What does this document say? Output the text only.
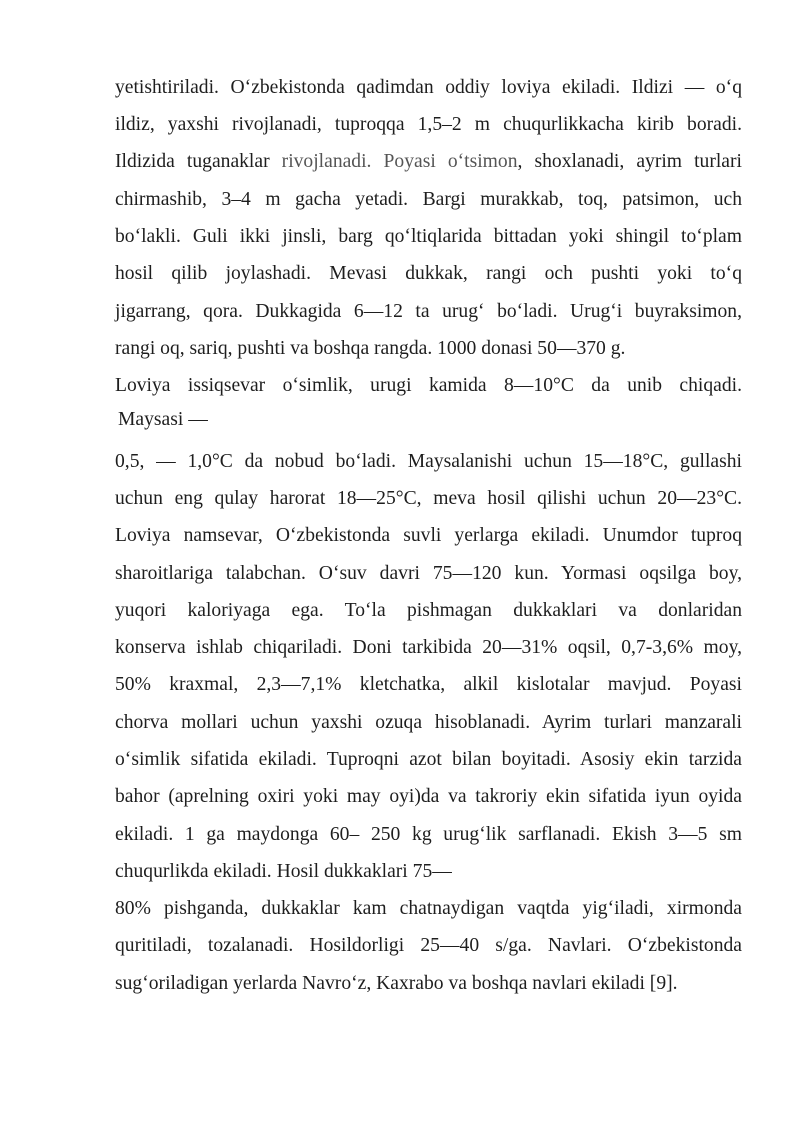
yetishtiriladi. O‘zbekistonda qadimdan oddiy loviya ekiladi. Ildizi — o‘q
ildiz, yaxshi rivojlanadi, tuproqqa 1,5–2 m chuqurlikkacha kirib boradi.
Ildizida tuganaklar rivojlanadi. Poyasi o‘tsimon, shoxlanadi, ayrim turlari
chirmashib, 3–4 m gacha yetadi. Bargi murakkab, toq, patsimon, uch
bo‘lakli. Guli ikki jinsli, barg qo‘ltiqlarida bittadan yoki shingil to‘plam
hosil qilib joylashadi. Mevasi dukkak, rangi och pushti yoki to‘q
jigarrang, qora. Dukkagida 6—12 ta urug‘ bo‘ladi. Urug‘i buyraksimon,
rangi oq, sariq, pushti va boshqa rangda. 1000 donasi 50—370 g.
Loviya issiqsevar o‘simlik, urugi kamida 8—10°C da unib chiqadi.
Maysasi —
0,5, — 1,0°C da nobud bo‘ladi. Maysalanishi uchun 15—18°C, gullashi
uchun eng qulay harorat 18—25°C, meva hosil qilishi uchun 20—23°C.
Loviya namsevar, O‘zbekistonda suvli yerlarga ekiladi. Unumdor tuproq
sharoitlariga talabchan. O‘suv davri 75—120 kun. Yormasi oqsilga boy,
yuqori kaloriyaga ega. To‘la pishmagan dukkaklari va donlaridan
konserva ishlab chiqariladi. Doni tarkibida 20—31% oqsil, 0,7-3,6% moy,
50% kraxmal, 2,3—7,1% kletchatka, alkil kislotalar mavjud. Poyasi
chorva mollari uchun yaxshi ozuqa hisoblanadi. Ayrim turlari manzarali
o‘simlik sifatida ekiladi. Tuproqni azot bilan boyitadi. Asosiy ekin tarzida
bahor (aprelning oxiri yoki may oyi)da va takroriy ekin sifatida iyun oyida
ekiladi. 1 ga maydonga 60– 250 kg urug‘lik sarflanadi. Ekish 3—5 sm
chuqurlikda ekiladi. Hosil dukkaklari 75—
80% pishganda, dukkaklar kam chatnaydigan vaqtda yig‘iladi, xirmonda
quritiladi, tozalanadi. Hosildorligi 25—40 s/ga. Navlari. O‘zbekistonda
sug‘oriladigan yerlarda Navro‘z, Kaxrabo va boshqa navlari ekiladi [9].
